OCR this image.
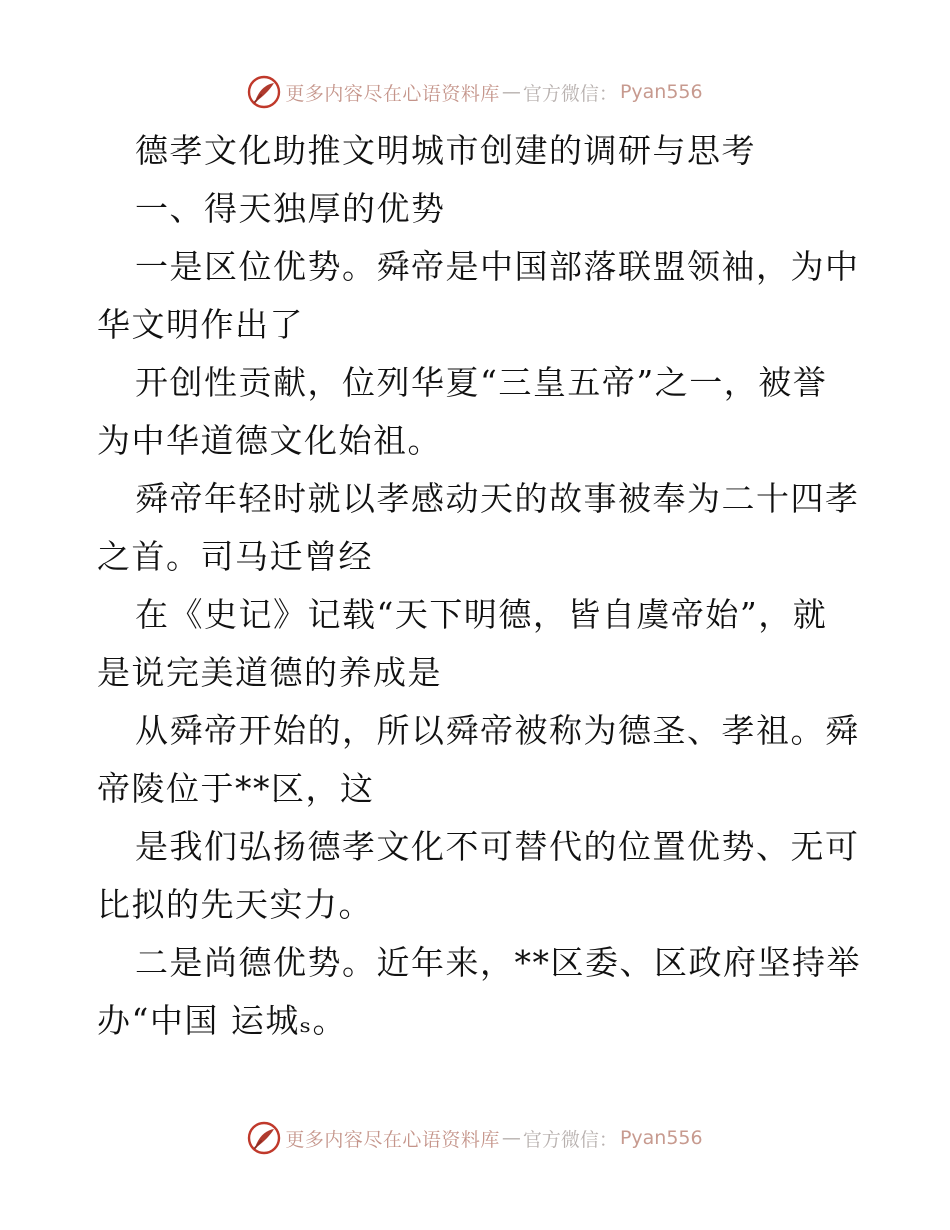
更多内容尽在心语资料库 — 官方微信： Pyan556
德孝文化助推文明城市创建的调研与思考
一、得天独厚的优势
一是区位优势。舜帝是中国部落联盟领袖，为中
华文明作出了
开创性贡献，位列华夏“三皇五帝”之一，被誉
为中华道德文化始祖。
舜帝年轻时就以孝感动天的故事被奉为二十四孝
之首。司马迁曾经
在《史记》记载“天下明德，皆自虞帝始”，就
是说完美道德的养成是
从舜帝开始的，所以舜帝被称为德圣、孝祖。舜
帝陵位于**区，这
是我们弘扬德孝文化不可替代的位置优势、无可
比拟的先天实力。
二是尚德优势。近年来，**区委、区政府坚持举
办“中国 运城ₛ。
更多内容尽在心语资料库 — 官方微信： Pyan556
